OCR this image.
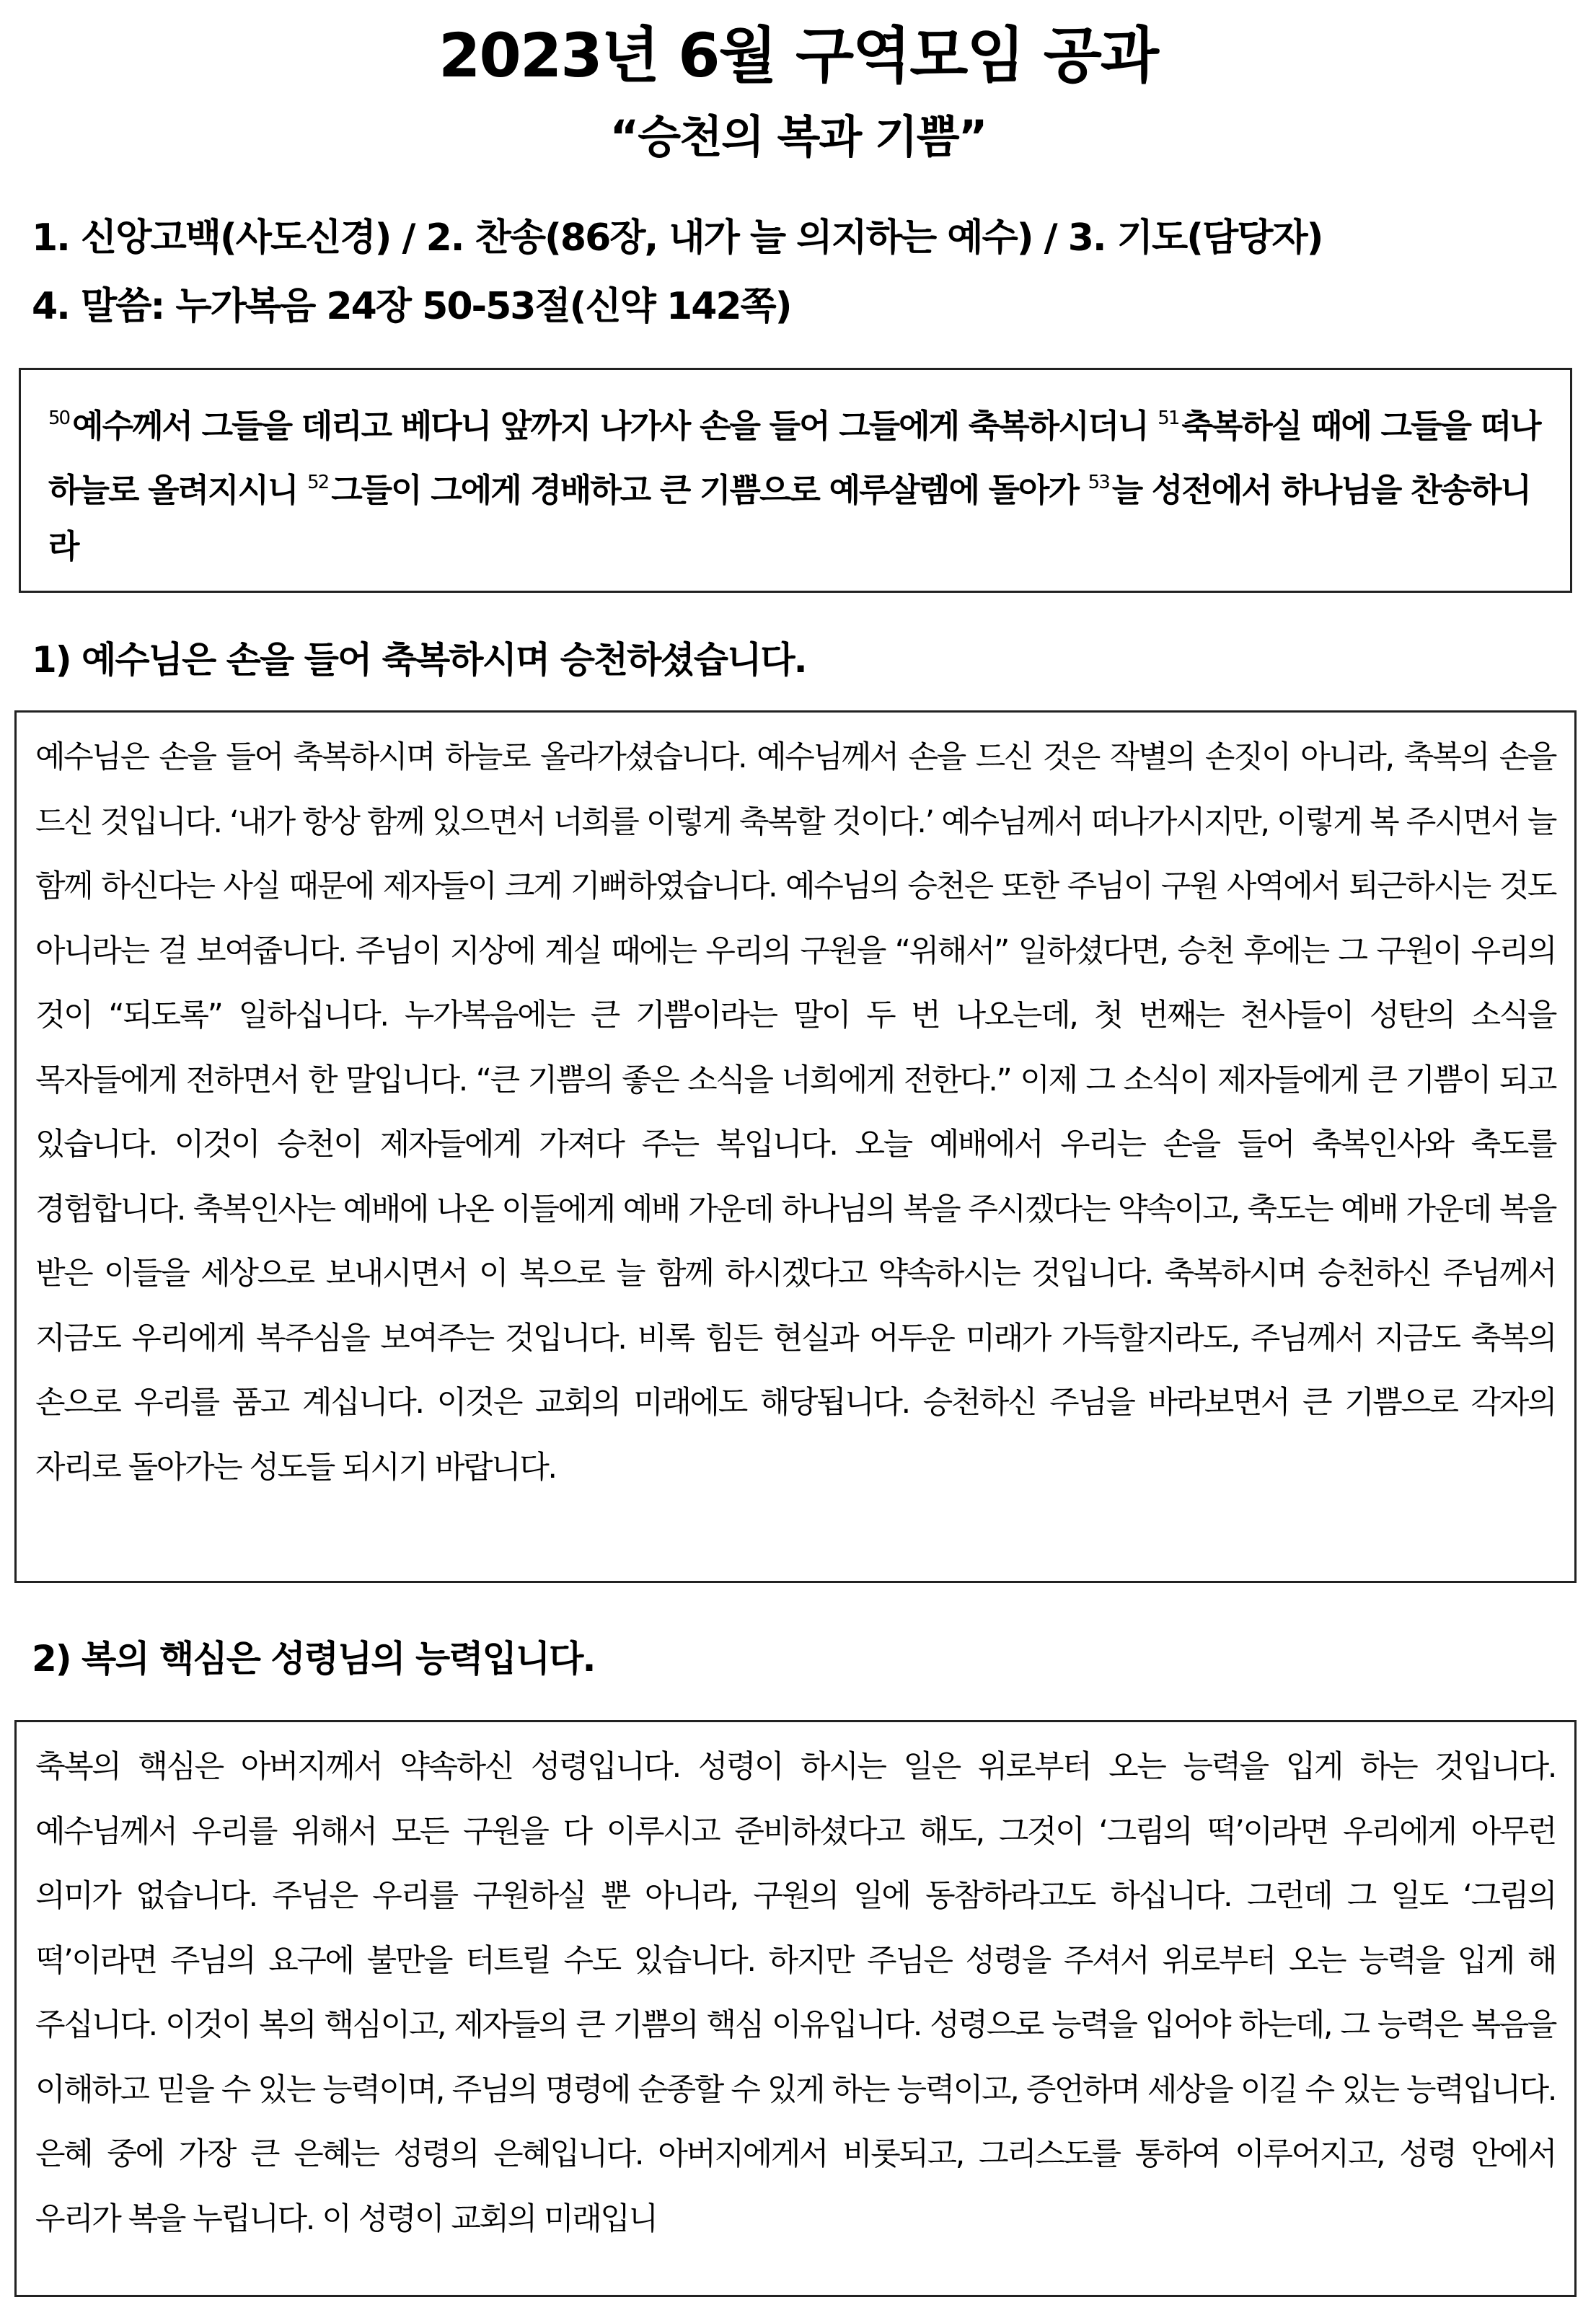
2023년 6월 구역모임 공과
“승천의 복과 기쁨”
1. 신앙고백(사도신경) / 2. 찬송(86장, 내가 늘 의지하는 예수) / 3. 기도(담당자)
4. 말씀: 누가복음 24장 50-53절(신약 142쪽)
$^{50}$예수께서 그들을 데리고 베다니 앞까지 나가사 손을 들어 그들에게 축복하시더니 $^{51}$축복하실 때에 그들을 떠나 하늘로 올려지시니 $^{52}$그들이 그에게 경배하고 큰 기쁨으로 예루살렘에 돌아가 $^{53}$늘 성전에서 하나님을 찬송하니라
1) 예수님은 손을 들어 축복하시며 승천하셨습니다.
예수님은 손을 들어 축복하시며 하늘로 올라가셨습니다. 예수님께서 손을 드신 것은 작별의 손짓이 아니라, 축복의 손을 드신 것입니다. ‘내가 항상 함께 있으면서 너희를 이렇게 축복할 것이다.’ 예수님께서 떠나가시지만, 이렇게 복 주시면서 늘 함께 하신다는 사실 때문에 제자들이 크게 기뻐하였습니다. 예수님의 승천은 또한 주님이 구원 사역에서 퇴근하시는 것도 아니라는 걸 보여줍니다. 주님이 지상에 계실 때에는 우리의 구원을 “위해서” 일하셨다면, 승천 후에는 그 구원이 우리의 것이 “되도록” 일하십니다. 누가복음에는 큰 기쁨이라는 말이 두 번 나오는데, 첫 번째는 천사들이 성탄의 소식을 목자들에게 전하면서 한 말입니다. “큰 기쁨의 좋은 소식을 너희에게 전한다.” 이제 그 소식이 제자들에게 큰 기쁨이 되고 있습니다. 이것이 승천이 제자들에게 가져다 주는 복입니다. 오늘 예배에서 우리는 손을 들어 축복인사와 축도를 경험합니다. 축복인사는 예배에 나온 이들에게 예배 가운데 하나님의 복을 주시겠다는 약속이고, 축도는 예배 가운데 복을 받은 이들을 세상으로 보내시면서 이 복으로 늘 함께 하시겠다고 약속하시는 것입니다. 축복하시며 승천하신 주님께서 지금도 우리에게 복주심을 보여주는 것입니다. 비록 힘든 현실과 어두운 미래가 가득할지라도, 주님께서 지금도 축복의 손으로 우리를 품고 계십니다. 이것은 교회의 미래에도 해당됩니다. 승천하신 주님을 바라보면서 큰 기쁨으로 각자의 자리로 돌아가는 성도들 되시기 바랍니다.
2) 복의 핵심은 성령님의 능력입니다.
축복의 핵심은 아버지께서 약속하신 성령입니다. 성령이 하시는 일은 위로부터 오는 능력을 입게 하는 것입니다. 예수님께서 우리를 위해서 모든 구원을 다 이루시고 준비하셨다고 해도, 그것이 ‘그림의 떡’이라면 우리에게 아무런 의미가 없습니다. 주님은 우리를 구원하실 뿐 아니라, 구원의 일에 동참하라고도 하십니다. 그런데 그 일도 ‘그림의 떡’이라면 주님의 요구에 불만을 터트릴 수도 있습니다. 하지만 주님은 성령을 주셔서 위로부터 오는 능력을 입게 해 주십니다. 이것이 복의 핵심이고, 제자들의 큰 기쁨의 핵심 이유입니다. 성령으로 능력을 입어야 하는데, 그 능력은 복음을 이해하고 믿을 수 있는 능력이며, 주님의 명령에 순종할 수 있게 하는 능력이고, 증언하며 세상을 이길 수 있는 능력입니다. 은혜 중에 가장 큰 은혜는 성령의 은혜입니다. 아버지에게서 비롯되고, 그리스도를 통하여 이루어지고, 성령 안에서 우리가 복을 누립니다. 이 성령이 교회의 미래입니
